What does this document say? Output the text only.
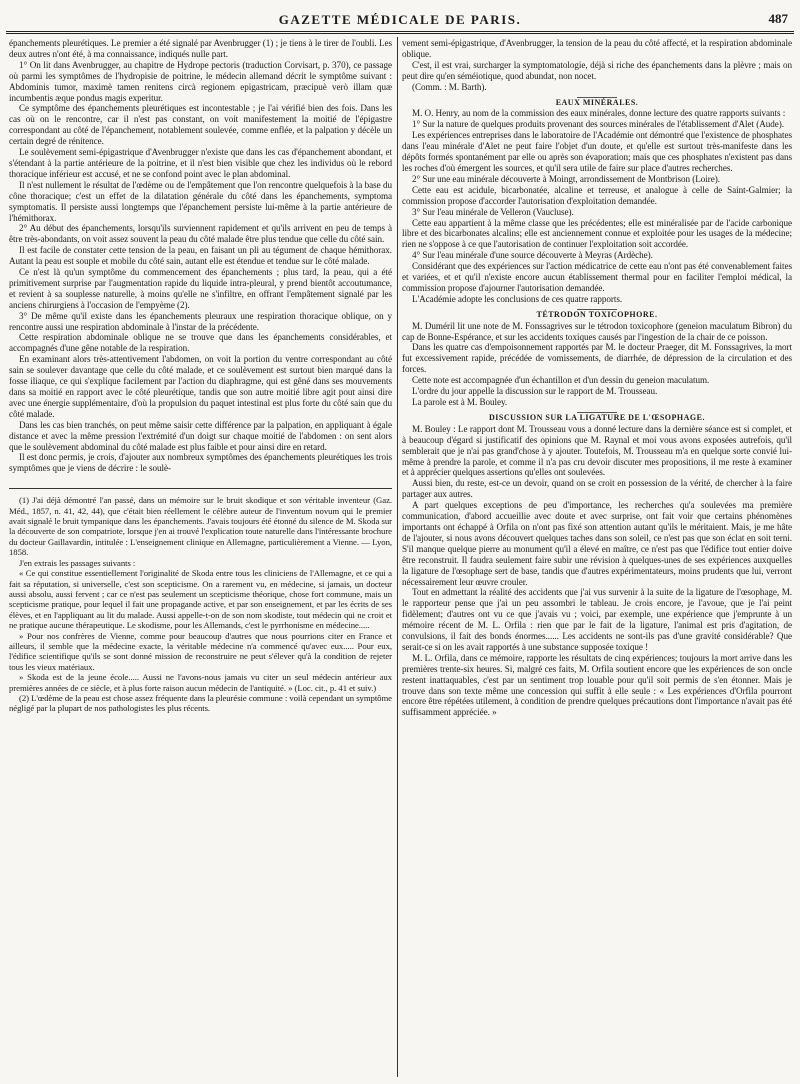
GAZETTE MÉDICALE DE PARIS.	487

épanchements pleurétiques. Le premier a été signalé par Avenbrugger (1) ; je tiens à le tirer de l'oubli. Les deux autres n'ont été, à ma connaissance, indiqués nulle part.

1° On lit dans Avenbrugger, au chapitre de Hydrope pectoris (traduction Corvisart, p. 370), ce passage où parmi les symptômes de l'hydropisie de poitrine, le médecin allemand décrit le symptôme suivant : Abdominis tumor, maximè tamen renitens circà regionem epigastricam, præcipuè verò illam quæ incumbentis æque pondus magis experitur.

Ce symptôme des épanchements pleurétiques est incontestable ; je l'ai vérifié bien des fois. Dans les cas où on le rencontre, car il n'est pas constant, on voit manifestement la moitié de l'épigastre correspondant au côté de l'épanchement, notablement soulevée, comme enflée, et la palpation y décèle un certain degré de rénitence.

Le soulèvement semi-épigastrique d'Avenbrugger n'existe que dans les cas d'épanchement abondant, et s'étendant à la partie antérieure de la poitrine, et il n'est bien visible que chez les individus où le rebord thoracique inférieur est accusé, et ne se confond point avec le plan abdominal.

Il n'est nullement le résultat de l'œdème ou de l'empâtement que l'on rencontre quelquefois à la base du cône thoracique; c'est un effet de la dilatation générale du côté dans les épanchements, symptoma symptomatis. Il persiste aussi longtemps que l'épanchement persiste lui-même à la partie antérieure de l'hémithorax.

2° Au début des épanchements, lorsqu'ils surviennent rapidement et qu'ils arrivent en peu de temps à être très-abondants, on voit assez souvent la peau du côté malade être plus tendue que celle du côté sain.

Il est facile de constater cette tension de la peau, en faisant un pli au tégument de chaque hémithorax. Autant la peau est souple et mobile du côté sain, autant elle est étendue et tendue sur le côté malade.

Ce n'est là qu'un symptôme du commencement des épanchements ; plus tard, la peau, qui a été primitivement surprise par l'augmentation rapide du liquide intra-pleural, y prend bientôt accoutumance, et revient à sa souplesse naturelle, à moins qu'elle ne s'infiltre, en offrant l'empâtement signalé par les anciens chirurgiens à l'occasion de l'empyème (2).

3° De même qu'il existe dans les épanchements pleuraux une respiration thoracique oblique, on y rencontre aussi une respiration abdominale à l'instar de la précédente.

Cette respiration abdominale oblique ne se trouve que dans les épanchements considérables, et accompagnés d'une gêne notable de la respiration.

En examinant alors très-attentivement l'abdomen, on voit la portion du ventre correspondant au côté sain se soulever davantage que celle du côté malade, et ce soulèvement est surtout bien marqué dans la fosse iliaque, ce qui s'explique facilement par l'action du diaphragme, qui est gêné dans ses mouvements dans sa moitié en rapport avec le côté pleurétique, tandis que son autre moitié libre agit pout ainsi dire avec une énergie supplémentaire, d'où la propulsion du paquet intestinal est plus forte du côté sain que du côté malade.

Dans les cas bien tranchés, on peut même saisir cette différence par la palpation, en appliquant à égale distance et avec la même pression l'extrémité d'un doigt sur chaque moitié de l'abdomen : on sent alors que le soulèvement abdominal du côté malade est plus faible et pour ainsi dire en retard.

Il est donc permis, je crois, d'ajouter aux nombreux symptômes des épanchements pleurétiques les trois symptômes que je viens de décrire : le soulè-

(1) J'ai déjà démontré l'an passé, dans un mémoire sur le bruit skodique et son véritable inventeur (Gaz. Méd., 1857, n. 41, 42, 44), que c'était bien réellement le célèbre auteur de l'inventum novum qui le premier avait signalé le bruit tympanique dans les épanchements. J'avais toujours été étonné du silence de M. Skoda sur la découverte de son compatriote, lorsque j'en ai trouvé l'explication toute naturelle dans l'intéressante brochure du docteur Gaillavardin, intitulée : L'enseignement clinique en Allemagne, particulièrement a Vienne. — Lyon, 1858.

J'en extrais les passages suivants :

« Ce qui constitue essentiellement l'originalité de Skoda entre tous les cliniciens de l'Allemagne, et ce qui a fait sa réputation, si universelle, c'est son scepticisme. On a rarement vu, en médecine, si jamais, un docteur aussi absolu, aussi fervent ; car ce n'est pas seulement un scepticisme théorique, chose fort commune, mais un scepticisme pratique, pour lequel il fait une propagande active, et par son enseignement, et par les écrits de ses élèves, et en l'appliquant au lit du malade. Aussi appelle-t-on de son nom skodiste, tout médecin qui ne croit et ne pratique aucune thérapeutique. Le skodisme, pour les Allemands, c'est le pyrrhonisme en médecine.....

» Pour nos confrères de Vienne, comme pour beaucoup d'autres que nous pourrions citer en France et ailleurs, il semble que la médecine exacte, la véritable médecine n'a commencé qu'avec eux..... Pour eux, l'édifice scientifique qu'ils se sont donné mission de reconstruire ne peut s'élever qu'à la condition de rejeter tous les vieux matériaux.

» Skoda est de la jeune école..... Aussi ne l'avons-nous jamais vu citer un seul médecin antérieur aux premières années de ce siècle, et à plus forte raison aucun médecin de l'antiquité. » (Loc. cit., p. 41 et suiv.)

(2) L'œdème de la peau est chose assez fréquente dans la pleurésie commune : voilà cependant un symptôme négligé par la plupart de nos pathologistes les plus récents.

vement semi-épigastrique, d'Avenbrugger, la tension de la peau du côté affecté, et la respiration abdominale oblique.

C'est, il est vrai, surcharger la symptomatologie, déjà si riche des épanchements dans la plèvre ; mais on peut dire qu'en séméiotique, quod abundat, non nocet.

(Comm. : M. Barth).

EAUX MINÉRALES.

M. O. Henry, au nom de la commission des eaux minérales, donne lecture des quatre rapports suivants :

1° Sur la nature de quelques produits provenant des sources minérales de l'établissement d'Alet (Aude).

Les expériences entreprises dans le laboratoire de l'Académie ont démontré que l'existence de phosphates dans l'eau minérale d'Alet ne peut faire l'objet d'un doute, et qu'elle est surtout très-manifeste dans les dépôts formés spontanément par elle ou après son évaporation; mais que ces phosphates n'existent pas dans les roches d'où émergent les sources, et qu'il sera utile de faire sur place d'autres recherches.

2° Sur une eau minérale découverte à Moingt, arrondissement de Montbrison (Loire).

Cette eau est acidule, bicarbonatée, alcaline et terreuse, et analogue à celle de Saint-Galmier; la commission propose d'accorder l'autorisation d'exploitation demandée.

3° Sur l'eau minérale de Velleron (Vaucluse).

Cette eau appartient à la même classe que les précédentes; elle est minéralisée par de l'acide carbonique libre et des bicarbonates alcalins; elle est anciennement connue et exploitée pour les usages de la médecine; rien ne s'oppose à ce que l'autorisation de continuer l'exploitation soit accordée.

4° Sur l'eau minérale d'une source découverte à Meyras (Ardèche).

Considérant que des expériences sur l'action médicatrice de cette eau n'ont pas été convenablement faites et variées, et et qu'il n'existe encore aucun établissement thermal pour en faciliter l'emploi médical, la commission propose d'ajourner l'autorisation demandée.

L'Académie adopte les conclusions de ces quatre rapports.

TÉTRODON TOXICOPHORE.

M. Duméril lit une note de M. Fonssagrives sur le tétrodon toxicophore (geneion maculatum Bibron) du cap de Bonne-Espérance, et sur les accidents toxiques causés par l'ingestion de la chair de ce poisson.

Dans les quatre cas d'empoisonnement rapportés par M. le docteur Praeger, dit M. Fonssagrives, la mort fut excessivement rapide, précédée de vomissements, de diarrhée, de dépression de la circulation et des forces.

Cette note est accompagnée d'un échantillon et d'un dessin du geneion maculatum.

L'ordre du jour appelle la discussion sur le rapport de M. Trousseau.

La parole est à M. Bouley.

DISCUSSION SUR LA LIGATURE DE L'ŒSOPHAGE.

M. Bouley : Le rapport dont M. Trousseau vous a donné lecture dans la dernière séance est si complet, et à beaucoup d'égard si justificatif des opinions que M. Raynal et moi vous avons exposées autrefois, qu'il semblerait que je n'ai pas grand'chose à y ajouter. Toutefois, M. Trousseau m'a en quelque sorte convié lui-même à prendre la parole, et comme il n'a pas cru devoir discuter mes propositions, il me reste à examiner et à apprécier quelques assertions qu'elles ont soulevées.

Aussi bien, du reste, est-ce un devoir, quand on se croit en possession de la vérité, de chercher à la faire partager aux autres.

A part quelques exceptions de peu d'importance, les recherches qu'a soulevées ma première communication, d'abord accueillie avec doute et avec surprise, ont fait voir que certains phénomènes importants ont échappé à Orfila on n'ont pas fixé son attention autant qu'ils le méritaient. Mais, je me hâte de l'ajouter, si nous avons découvert quelques taches dans son soleil, ce n'est pas que son éclat en soit terni. S'il manque quelque pierre au monument qu'il a élevé en maître, ce n'est pas que l'édifice tout entier doive être reconstruit. Il faudra seulement faire subir une révision à quelques-unes de ses expériences auxquelles la ligature de l'œsophage sert de base, tandis que d'autres expérimentateurs, moins prudents que lui, verront nécessairement leur œuvre crouler.

Tout en admettant la réalité des accidents que j'ai vus survenir à la suite de la ligature de l'œsophage, M. le rapporteur pense que j'ai un peu assombri le tableau. Je crois encore, je l'avoue, que je l'ai peint fidèlement; d'autres ont vu ce que j'avais vu ; voici, par exemple, une expérience que j'emprunte à un mémoire récent de M. L. Orfila : rien que par le fait de la ligature, l'animal est pris d'agitation, de convulsions, il fait des bonds énormes...... Les accidents ne sont-ils pas d'une gravité considérable? Que serait-ce si on les avait rapportés à une substance supposée toxique !

M. L. Orfila, dans ce mémoire, rapporte les résultats de cinq expériences; toujours la mort arrive dans les premières trente-six heures. Si, malgré ces faits, M. Orfila soutient encore que les expériences de son oncle restent inattaquables, c'est par un sentiment trop louable pour qu'il soit permis de s'en étonner. Mais je trouve dans son texte même une concession qui suffit à elle seule : « Les expériences d'Orfila pourront encore être répétées utilement, à condition de prendre quelques précautions dont l'importance n'avait pas été suffisamment appréciée. »
